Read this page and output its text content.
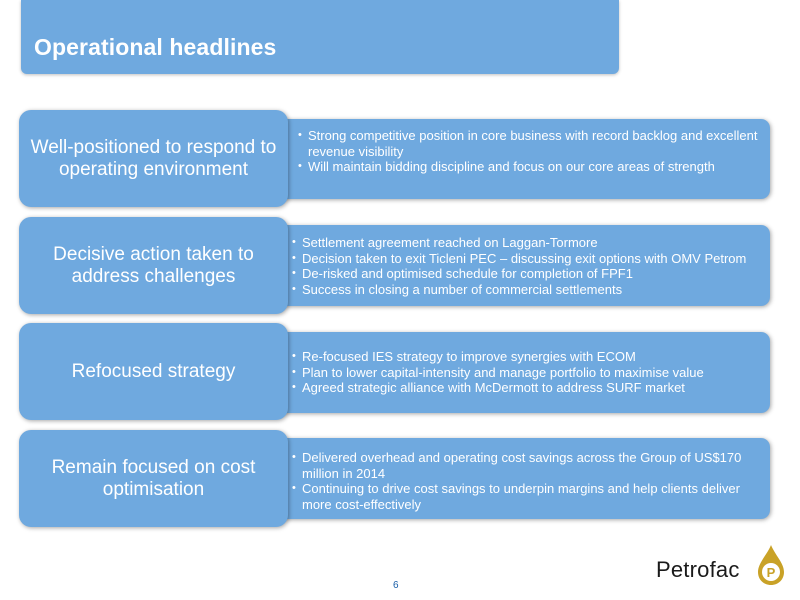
Operational headlines
Well-positioned to respond to operating environment
• Strong competitive position in core business with record backlog and excellent revenue visibility
• Will maintain bidding discipline and focus on our core areas of strength
Decisive action taken to address challenges
• Settlement agreement reached on Laggan-Tormore
• Decision taken to exit Ticleni PEC – discussing exit options with OMV Petrom
• De-risked and optimised schedule for completion of FPF1
• Success in closing a number of commercial settlements
Refocused strategy
• Re-focused IES strategy to improve synergies with ECOM
• Plan to lower capital-intensity and manage portfolio to maximise value
• Agreed strategic alliance with McDermott to address SURF market
Remain focused on cost optimisation
• Delivered overhead and operating cost savings across the Group of US$170 million in 2014
• Continuing to drive cost savings to underpin margins and help clients deliver more cost-effectively
6
Petrofac P
